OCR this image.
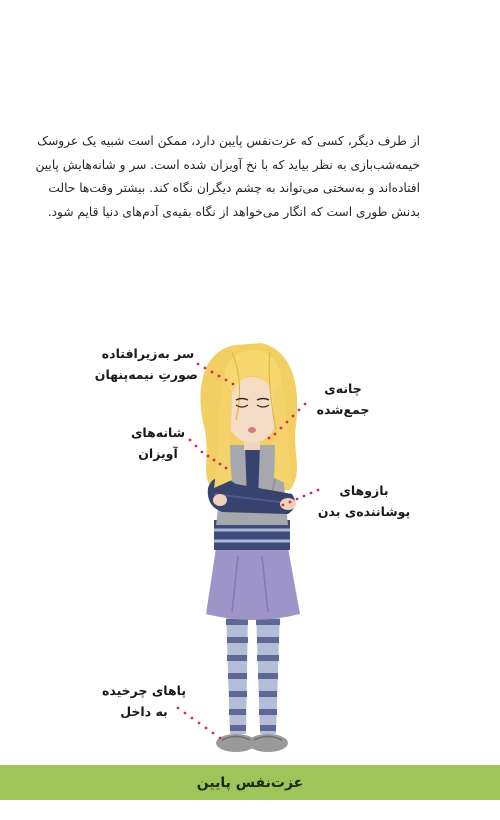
از طرف دیگر، کسی که عزت‌نفس پایین دارد، ممکن است شبیه یک عروسک
خیمه‌شب‌بازی به نظر بیاید که با نخ آویزان شده است. سر و شانه‌هایش پایین
افتاده‌اند و به‌سختی می‌تواند به چشم دیگران نگاه کند. بیشتر وقت‌ها حالت
بدنش طوری است که انگار می‌خواهد از نگاه بقیه‌ی آدم‌های دنیا قایم شود.
سر به‌زیرافتاده
صورتِ نیمه‌پنهان
چانه‌ی
جمع‌شده
شانه‌های
آویزان
بازوهای
پوشاننده‌ی بدن
پاهای چرخیده
به داخل
عزت‌نفس پایین
